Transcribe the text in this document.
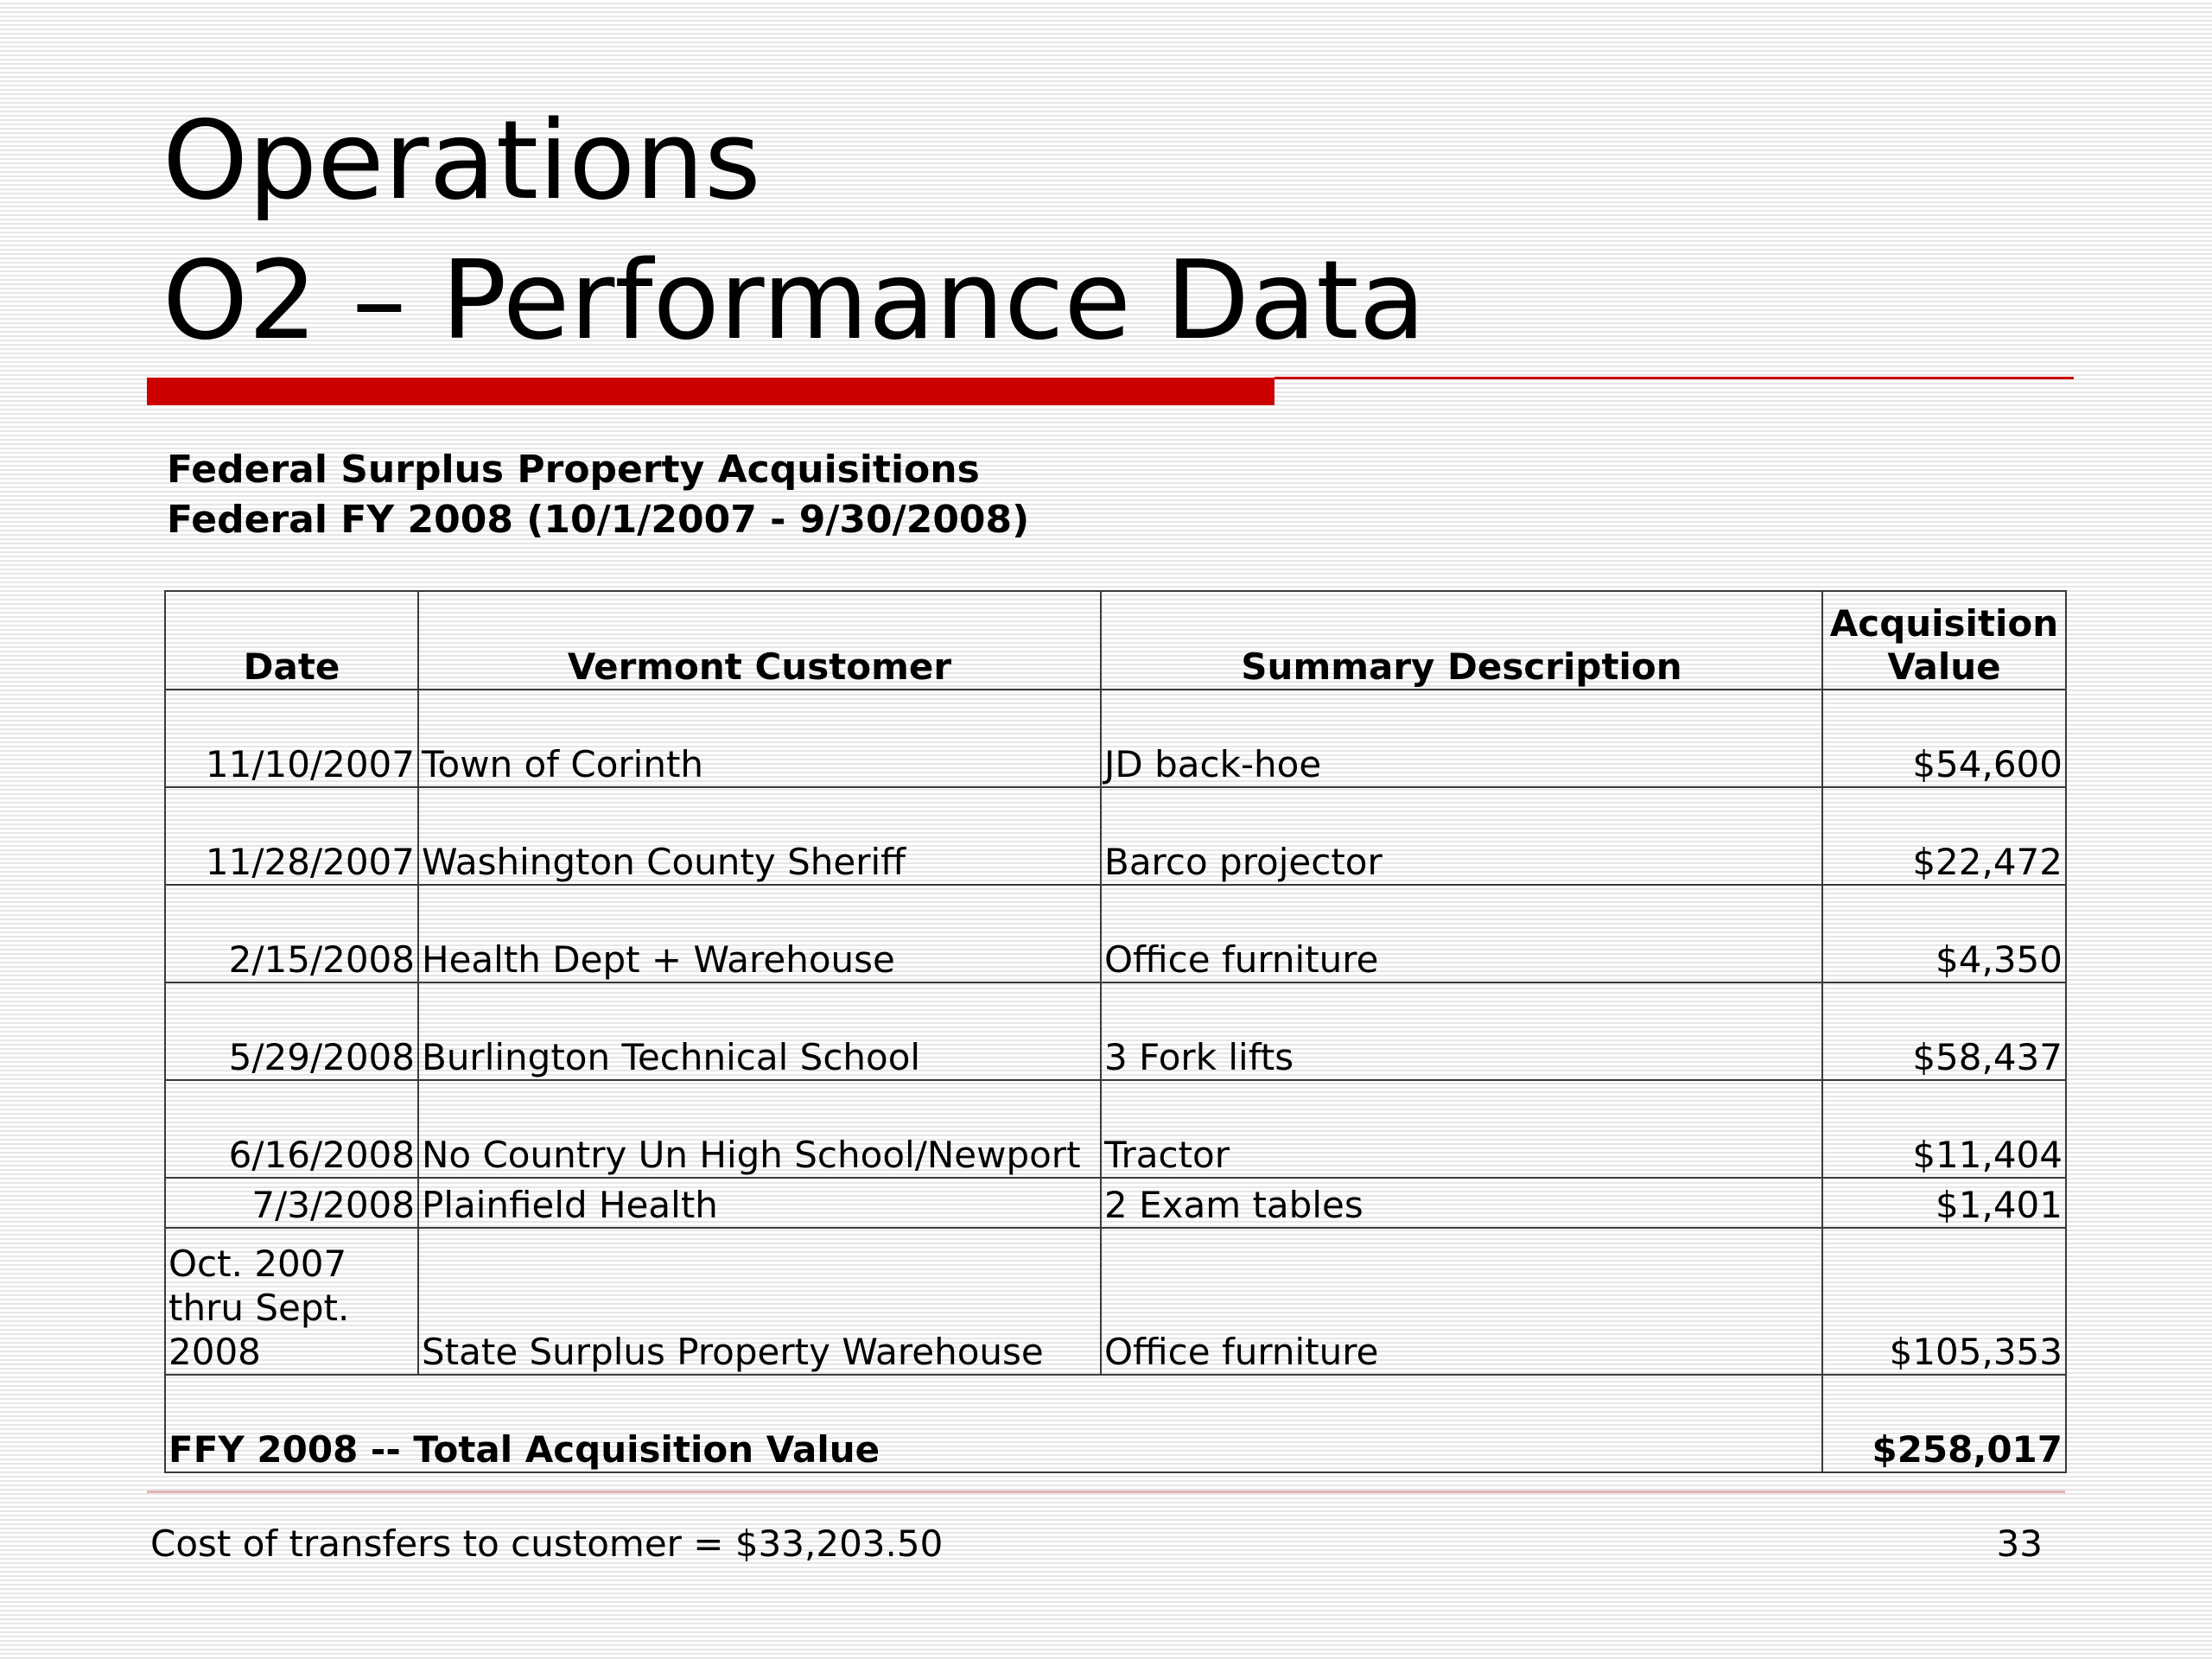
Operations
O2 – Performance Data
Federal Surplus Property Acquisitions
Federal FY 2008 (10/1/2007 - 9/30/2008)
Date	Vermont Customer	Summary Description	Acquisition Value
11/10/2007	Town of Corinth	JD back-hoe	$54,600
11/28/2007	Washington County Sheriff	Barco projector	$22,472
2/15/2008	Health Dept + Warehouse	Office furniture	$4,350
5/29/2008	Burlington Technical School	3 Fork lifts	$58,437
6/16/2008	No Country Un High School/Newport	Tractor	$11,404
7/3/2008	Plainfield Health	2 Exam tables	$1,401
Oct. 2007 thru Sept. 2008	State Surplus Property Warehouse	Office furniture	$105,353
FFY 2008 -- Total Acquisition Value			$258,017
Cost of transfers to customer = $33,203.50	33
